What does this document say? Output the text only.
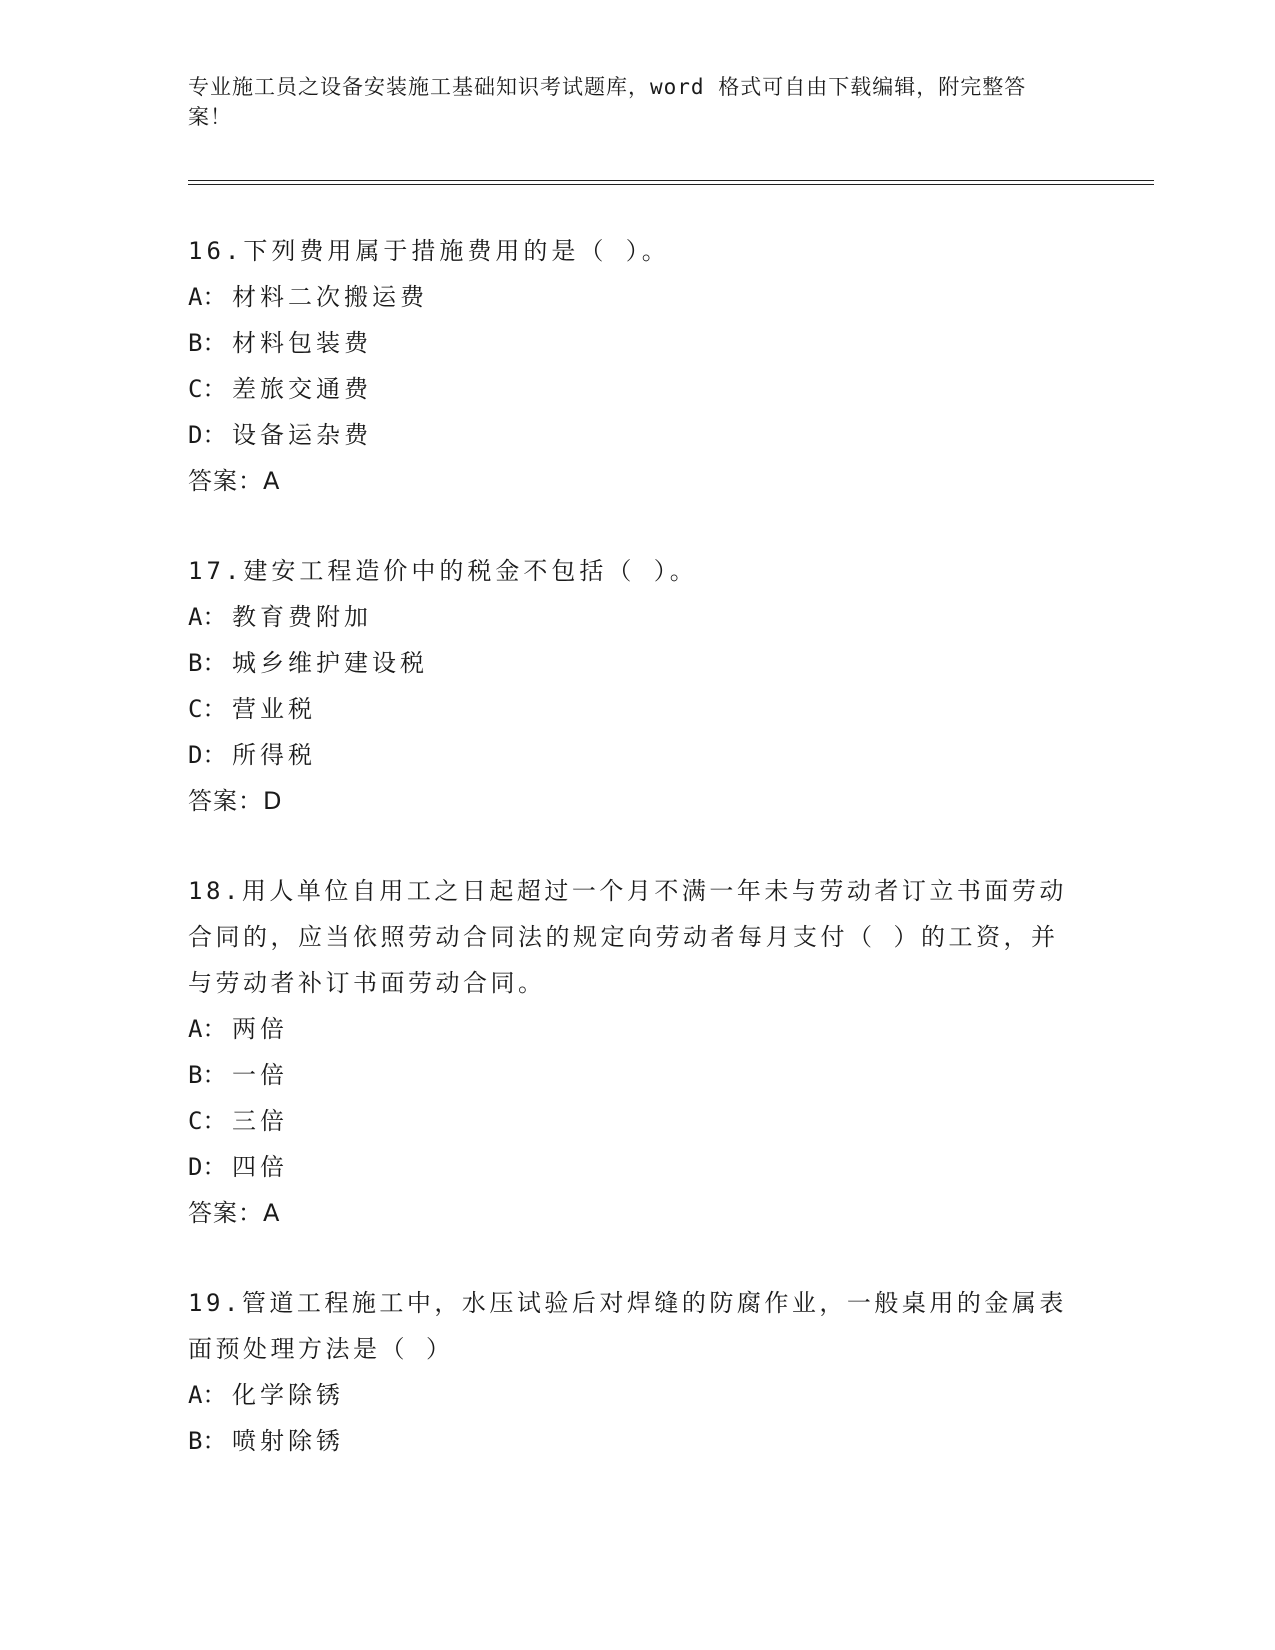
专业施工员之设备安装施工基础知识考试题库，word 格式可自由下载编辑，附完整答案！
16.下列费用属于措施费用的是（ ）。
A： 材料二次搬运费
B： 材料包装费
C： 差旅交通费
D： 设备运杂费
答案：A
17.建安工程造价中的税金不包括（ ）。
A： 教育费附加
B： 城乡维护建设税
C： 营业税
D： 所得税
答案：D
18.用人单位自用工之日起超过一个月不满一年未与劳动者订立书面劳动合同的，应当依照劳动合同法的规定向劳动者每月支付（ ）的工资，并与劳动者补订书面劳动合同。
A： 两倍
B： 一倍
C： 三倍
D： 四倍
答案：A
19.管道工程施工中，水压试验后对焊缝的防腐作业，一般桌用的金属表面预处理方法是（ ）
A： 化学除锈
B： 喷射除锈
